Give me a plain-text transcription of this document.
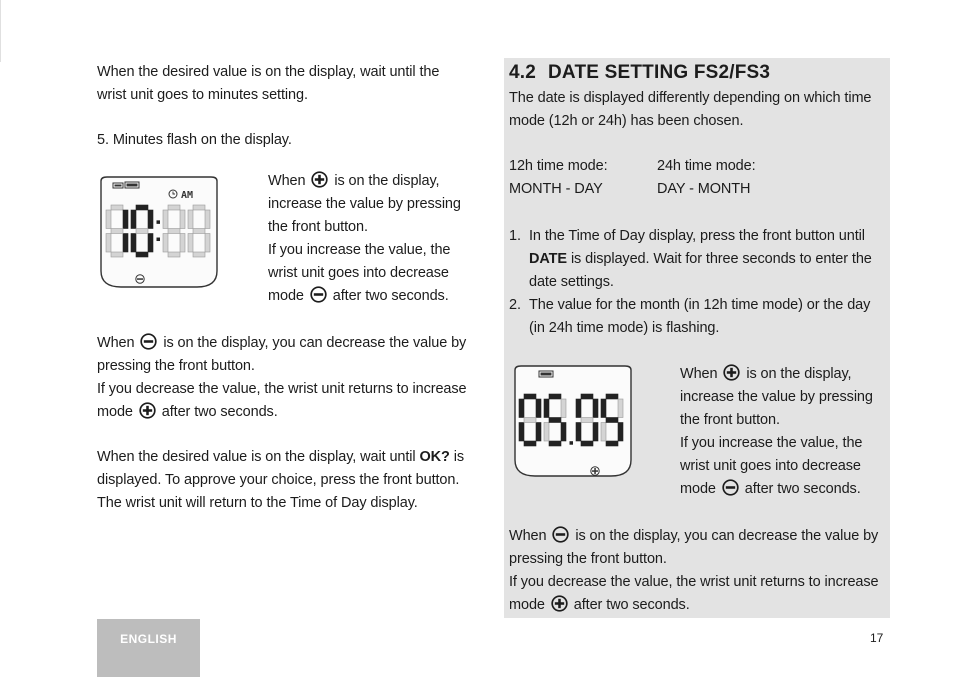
When the desired value is on the display, wait until the wrist unit goes to minutes setting.

5. Minutes flash on the display.

AM
When is on the display, increase the value by pressing the front button.
If you increase the value, the wrist unit goes into decrease mode after two seconds.
When is on the display, you can decrease the value by pressing the front button.
If you decrease the value, the wrist unit returns to increase mode after two seconds.
When the desired value is on the display, wait until OK? is displayed. To approve your choice, press the front button. The wrist unit will return to the Time of Day display.
4.2 DATE SETTING FS2/FS3

The date is displayed differently depending on which time mode (12h or 24h) has been chosen.

12h time mode:	24h time mode:
MONTH - DAY	DAY - MONTH
1. In the Time of Day display, press the front button until DATE is displayed. Wait for three seconds to enter the date settings.
2. The value for the month (in 12h time mode) or the day (in 24h time mode) is flashing.
When is on the display, increase the value by pressing the front button.
If you increase the value, the wrist unit goes into decrease mode after two seconds.
When is on the display, you can decrease the value by pressing the front button.
If you decrease the value, the wrist unit returns to increase mode after two seconds.
ENGLISH	17
